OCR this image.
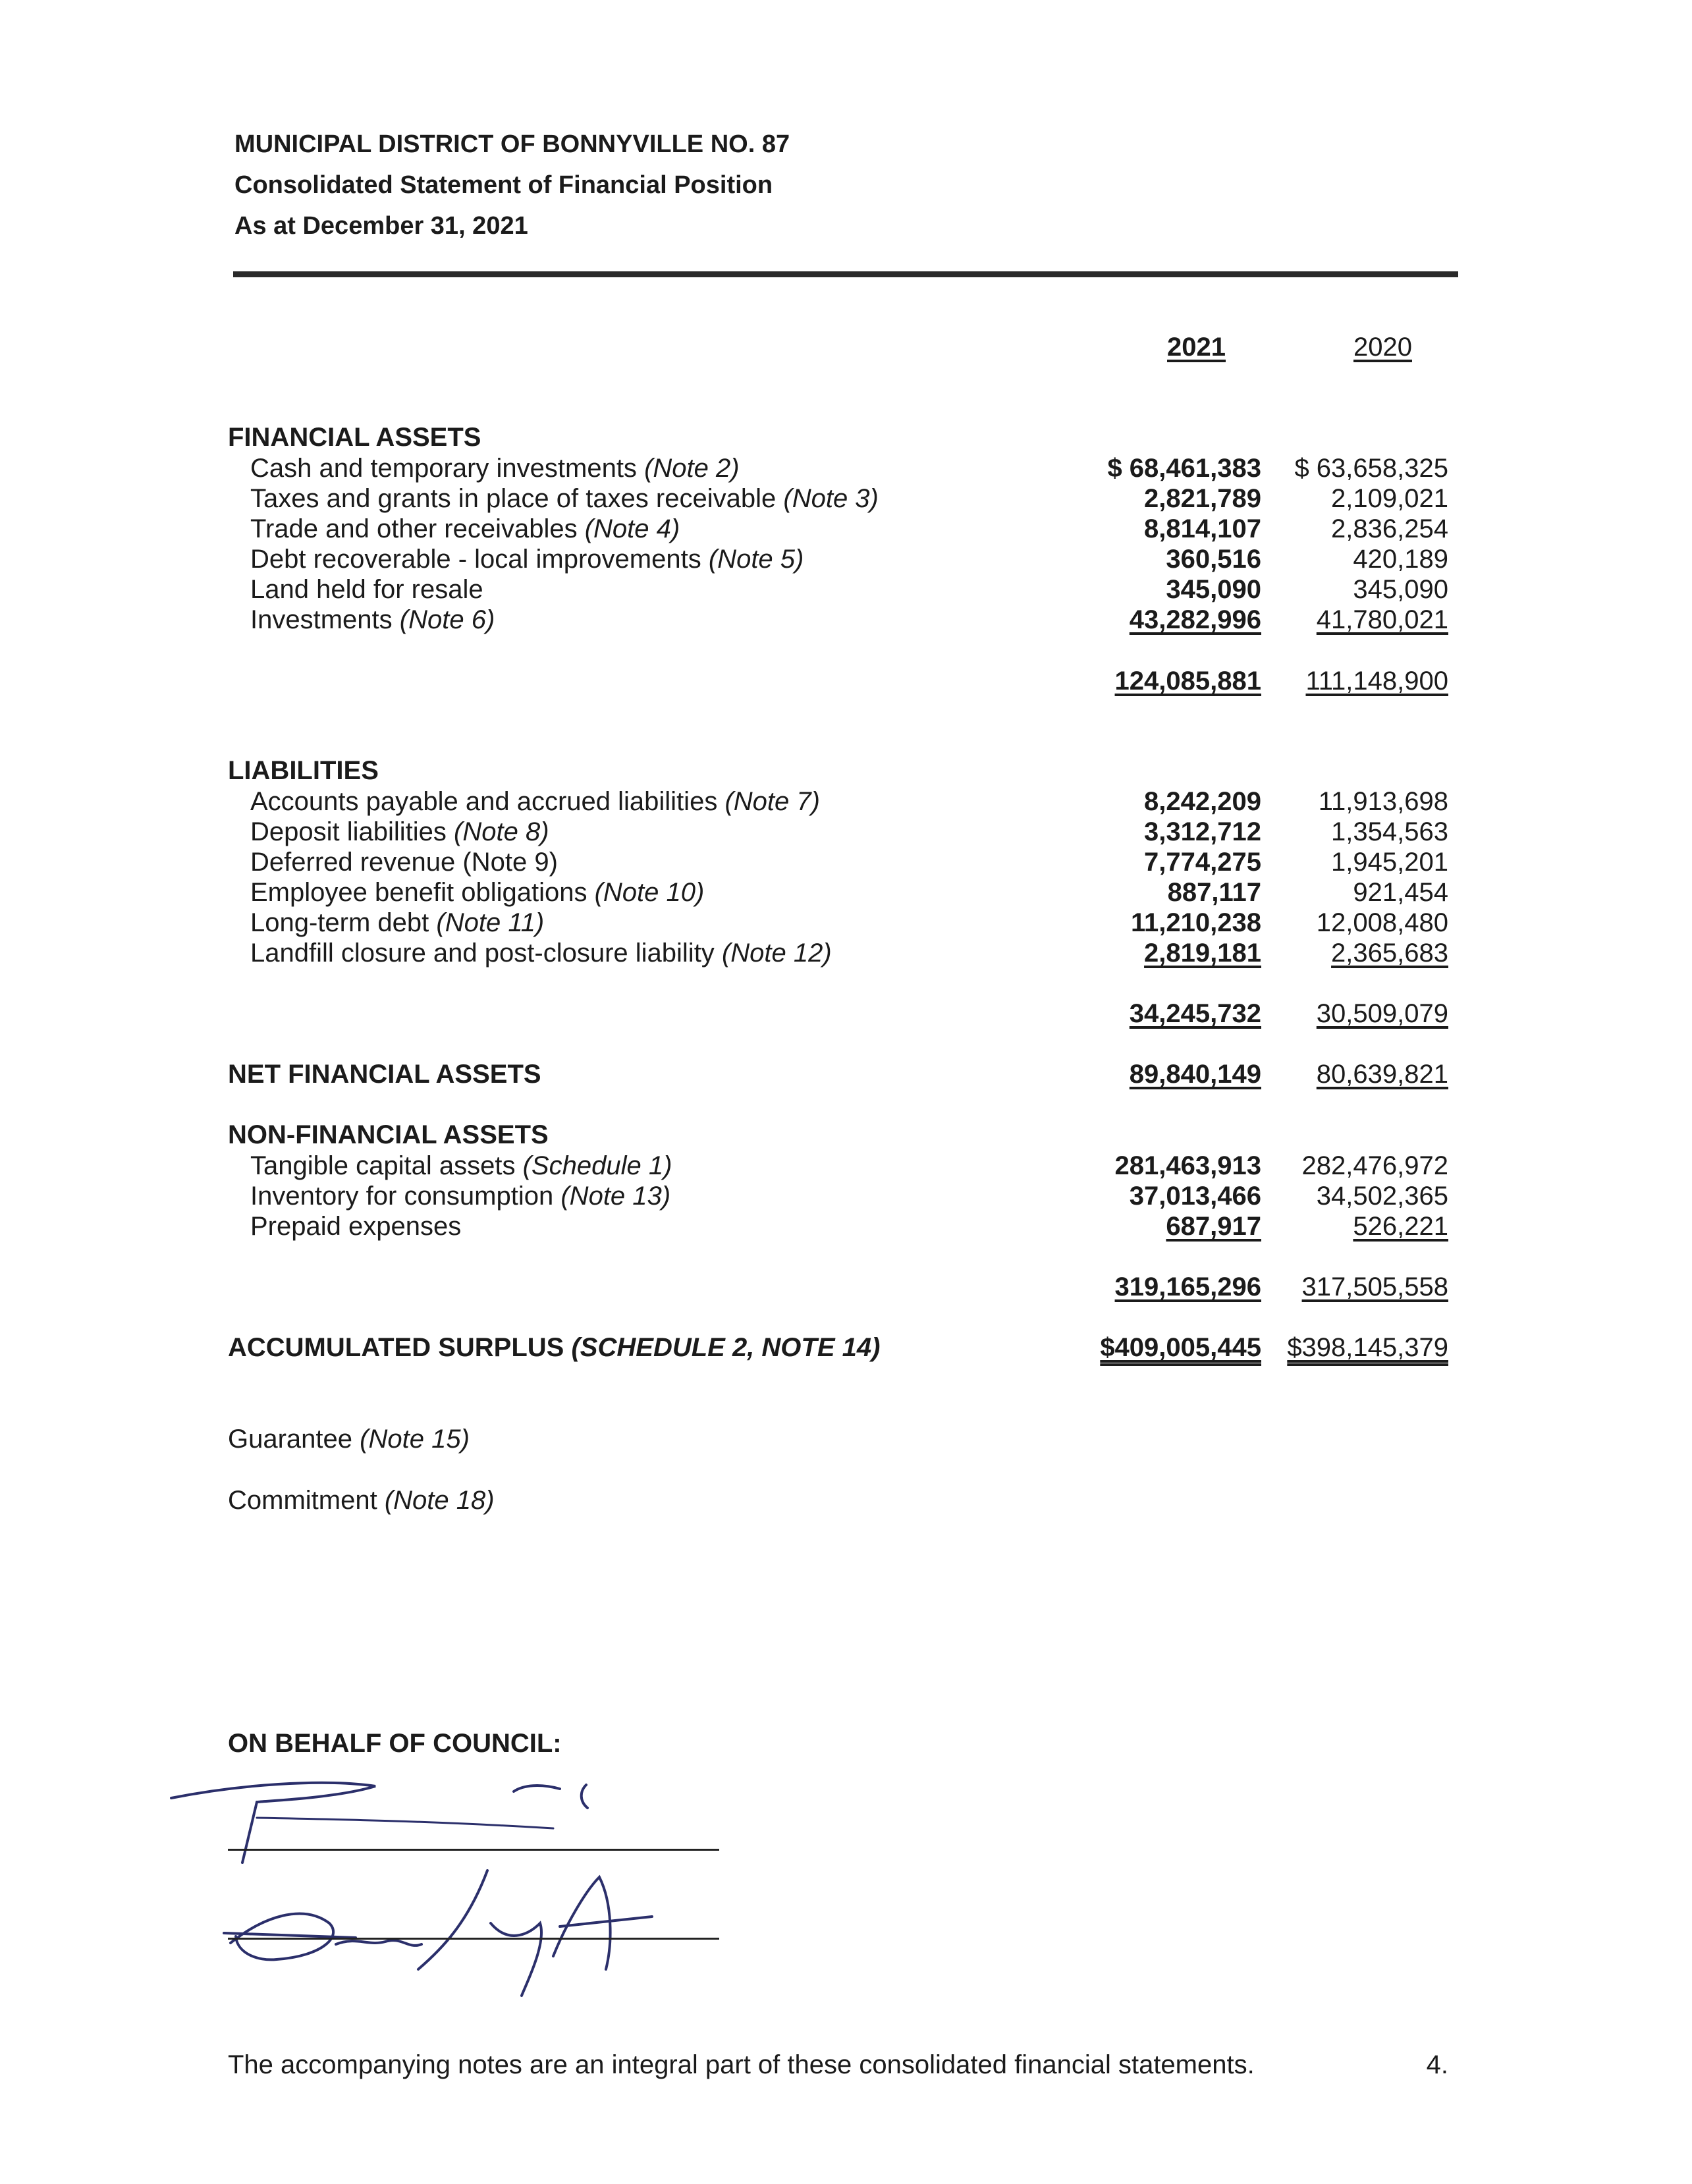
MUNICIPAL DISTRICT OF BONNYVILLE NO. 87
Consolidated Statement of Financial Position
As at December 31, 2021
2021	2020
FINANCIAL ASSETS
Cash and temporary investments (Note 2)	$ 68,461,383 $ 63,658,325
Taxes and grants in place of taxes receivable (Note 3)	2,821,789	2,109,021
Trade and other receivables (Note 4)	8,814,107	2,836,254
Debt recoverable - local improvements (Note 5)	360,516	420,189
Land held for resale	345,090	345,090
Investments (Note 6)	43,282,996 41,780,021
124,085,881 111,148,900
LIABILITIES
Accounts payable and accrued liabilities (Note 7)	8,242,209 11,913,698
Deposit liabilities (Note 8)	3,312,712	1,354,563
Deferred revenue (Note 9)	7,774,275	1,945,201
Employee benefit obligations (Note 10)	887,117	921,454
Long-term debt (Note 11)	11,210,238 12,008,480
Landfill closure and post-closure liability (Note 12)	2,819,181	2,365,683
34,245,732 30,509,079
NET FINANCIAL ASSETS	89,840,149 80,639,821
NON-FINANCIAL ASSETS
Tangible capital assets (Schedule 1)	281,463,913 282,476,972
Inventory for consumption (Note 13)	37,013,466 34,502,365
Prepaid expenses	687,917	526,221
319,165,296 317,505,558
ACCUMULATED SURPLUS (SCHEDULE 2, NOTE 14)	$409,005,445 $398,145,379
Guarantee (Note 15)
Commitment (Note 18)
ON BEHALF OF COUNCIL:
The accompanying notes are an integral part of these consolidated financial statements.	4.
